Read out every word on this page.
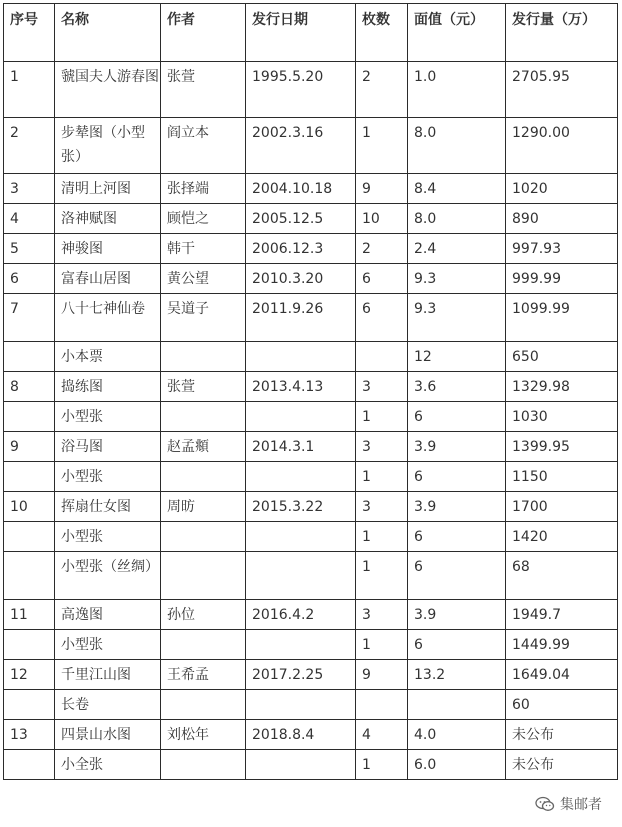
序号	名称	作者	发行日期	枚数	面值（元）	发行量（万）
1	虢国夫人游春图	张萱	1995.5.20	2	1.0	2705.95
2	步辇图（小型张）	阎立本	2002.3.16	1	8.0	1290.00
3	清明上河图	张择端	2004.10.18	9	8.4	1020
4	洛神赋图	顾恺之	2005.12.5	10	8.0	890
5	神骏图	韩干	2006.12.3	2	2.4	997.93
6	富春山居图	黄公望	2010.3.20	6	9.3	999.99
7	八十七神仙卷	吴道子	2011.9.26	6	9.3	1099.99
	小本票				12	650
8	捣练图	张萱	2013.4.13	3	3.6	1329.98
	小型张			1	6	1030
9	浴马图	赵孟頫	2014.3.1	3	3.9	1399.95
	小型张			1	6	1150
10	挥扇仕女图	周昉	2015.3.22	3	3.9	1700
	小型张			1	6	1420
	小型张（丝绸）			1	6	68
11	高逸图	孙位	2016.4.2	3	3.9	1949.7
	小型张			1	6	1449.99
12	千里江山图	王希孟	2017.2.25	9	13.2	1649.04
	长卷					60
13	四景山水图	刘松年	2018.8.4	4	4.0	未公布
	小全张			1	6.0	未公布
集邮者
